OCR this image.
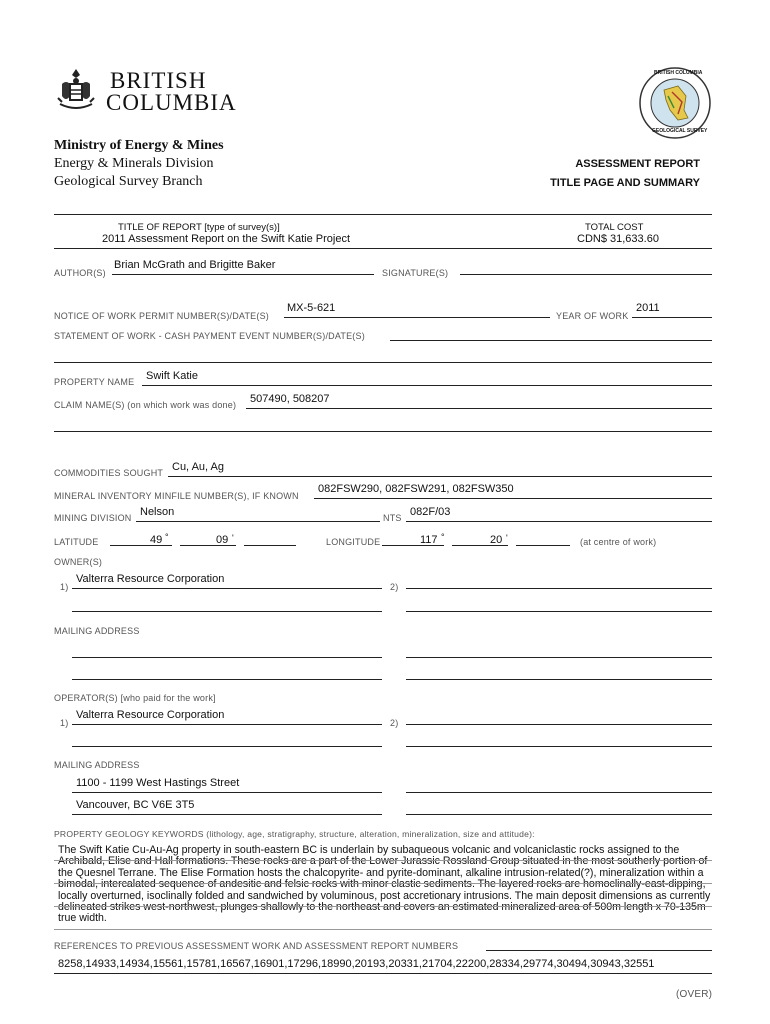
BRITISH
COLUMBIA
Ministry of Energy & Mines
Energy & Minerals Division
Geological Survey Branch
ASSESSMENT REPORT
TITLE PAGE AND SUMMARY
BRITISH COLUMBIA
GEOLOGICAL SURVEY
TITLE OF REPORT [type of survey(s)]
2011 Assessment Report on the Swift Katie Project
TOTAL COST
CDN$ 31,633.60
AUTHOR(S)
Brian McGrath and Brigitte Baker
SIGNATURE(S)
NOTICE OF WORK PERMIT NUMBER(S)/DATE(S)
MX-5-621
YEAR OF WORK
2011
STATEMENT OF WORK - CASH PAYMENT EVENT NUMBER(S)/DATE(S)
PROPERTY NAME Swift Katie
CLAIM NAME(S) (on which work was done) 507490, 508207
COMMODITIES SOUGHT Cu, Au, Ag
MINERAL INVENTORY MINFILE NUMBER(S), IF KNOWN
082FSW290, 082FSW291, 082FSW350
MINING DIVISION Nelson	NTS 082F/03
LATITUDE	49 °	09 '	LONGITUDE	117 °	20 '	(at centre of work)
OWNER(S)
1)
Valterra Resource Corporation
2)
MAILING ADDRESS
OPERATOR(S) [who paid for the work]
1)
Valterra Resource Corporation
2)
MAILING ADDRESS
1100 - 1199 West Hastings Street
Vancouver, BC V6E 3T5
PROPERTY GEOLOGY KEYWORDS (lithology, age, stratigraphy, structure, alteration, mineralization, size and attitude):
The Swift Katie Cu-Au-Ag property in south-eastern BC is underlain by subaqueous volcanic and volcaniclastic rocks assigned to the Archibald, Elise and Hall formations. These rocks are a part of the Lower Jurassic Rossland Group situated in the most southerly portion of the Quesnel Terrane. The Elise Formation hosts the chalcopyrite- and pyrite-dominant, alkaline intrusion-related(?), mineralization within a bimodal, intercalated sequence of andesitic and felsic rocks with minor clastic sediments. The layered rocks are homoclinally-east-dipping, locally overturned, isoclinally folded and sandwiched by voluminous, post accretionary intrusions. The main deposit dimensions as currently delineated strikes west-northwest, plunges shallowly to the northeast and covers an estimated mineralized area of 500m length x 70-135m true width.
REFERENCES TO PREVIOUS ASSESSMENT WORK AND ASSESSMENT REPORT NUMBERS
8258,14933,14934,15561,15781,16567,16901,17296,18990,20193,20331,21704,22200,28334,29774,30494,30943,32551
(OVER)
